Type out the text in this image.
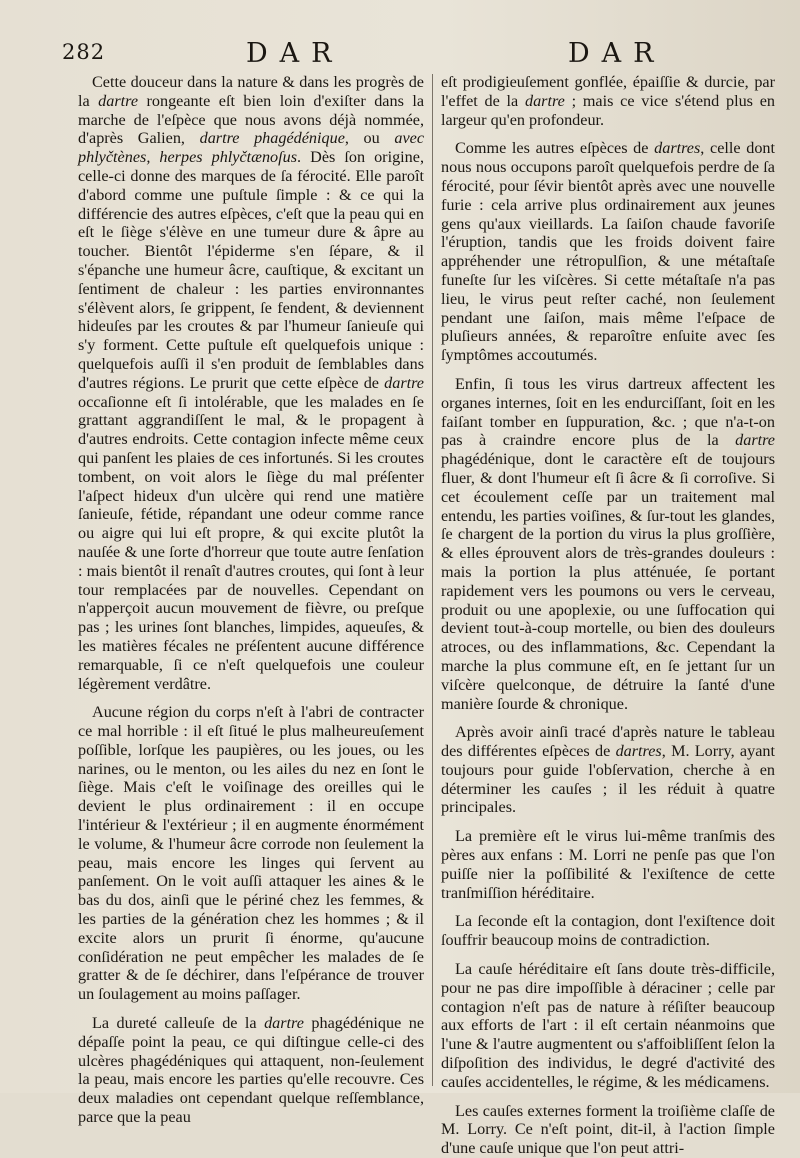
282	DAR	DAR

Cette douceur dans la nature & dans les progrès de la dartre rongeante eſt bien loin d'exiſter dans la marche de l'eſpèce que nous avons déjà nommée, d'après Galien, dartre phagédénique, ou avec phlyčtènes, herpes phlyčtænoſus. Dès ſon origine, celle-ci donne des marques de ſa férocité. Elle paroît d'abord comme une puſtule ſimple : & ce qui la différencie des autres eſpèces, c'eſt que la peau qui en eſt le ſiège s'élève en une tumeur dure & âpre au toucher. Bientôt l'épiderme s'en ſépare, & il s'épanche une humeur âcre, cauſtique, & excitant un ſentiment de chaleur : les parties environnantes s'élèvent alors, ſe grippent, ſe fendent, & deviennent hideuſes par les croutes & par l'humeur ſanieuſe qui s'y forment. Cette puſtule eſt quelquefois unique : quelquefois auſſi il s'en produit de ſemblables dans d'autres régions. Le prurit que cette eſpèce de dartre occaſionne eſt ſi intolérable, que les malades en ſe grattant aggrandiſſent le mal, & le propagent à d'autres endroits. Cette contagion infecte même ceux qui panſent les plaies de ces infortunés. Si les croutes tombent, on voit alors le ſiège du mal préſenter l'aſpect hideux d'un ulcère qui rend une matière ſanieuſe, fétide, répandant une odeur comme rance ou aigre qui lui eſt propre, & qui excite plutôt la nauſée & une ſorte d'horreur que toute autre ſenſation : mais bientôt il renaît d'autres croutes, qui ſont à leur tour remplacées par de nouvelles. Cependant on n'apperçoit aucun mouvement de fièvre, ou preſque pas ; les urines ſont blanches, limpides, aqueuſes, & les matières fécales ne préſentent aucune différence remarquable, ſi ce n'eſt quelquefois une couleur légèrement verdâtre.

Aucune région du corps n'eſt à l'abri de contracter ce mal horrible : il eſt ſitué le plus malheureuſement poſſible, lorſque les paupières, ou les joues, ou les narines, ou le menton, ou les ailes du nez en ſont le ſiège. Mais c'eſt le voiſinage des oreilles qui le devient le plus ordinairement : il en occupe l'intérieur & l'extérieur ; il en augmente énormément le volume, & l'humeur âcre corrode non ſeulement la peau, mais encore les linges qui ſervent au panſement. On le voit auſſi attaquer les aines & le bas du dos, ainſi que le périné chez les femmes, & les parties de la génération chez les hommes ; & il excite alors un prurit ſi énorme, qu'aucune conſidération ne peut empêcher les malades de ſe gratter & de ſe déchirer, dans l'eſpérance de trouver un ſoulagement au moins paſſager.

La dureté calleuſe de la dartre phagédénique ne dépaſſe point la peau, ce qui diſtingue celle-ci des ulcères phagédéniques qui attaquent, non-ſeulement la peau, mais encore les parties qu'elle recouvre. Ces deux maladies ont cependant quelque reſſemblance, parce que la peau

eſt prodigieuſement gonflée, épaiſſie & durcie, par l'effet de la dartre ; mais ce vice s'étend plus en largeur qu'en profondeur.

Comme les autres eſpèces de dartres, celle dont nous nous occupons paroît quelquefois perdre de ſa férocité, pour ſévir bientôt après avec une nouvelle furie : cela arrive plus ordinairement aux jeunes gens qu'aux vieillards. La ſaiſon chaude favoriſe l'éruption, tandis que les froids doivent faire appréhender une rétropulſion, & une métaſtaſe funeſte ſur les viſcères. Si cette métaſtaſe n'a pas lieu, le virus peut reſter caché, non ſeulement pendant une ſaiſon, mais même l'eſpace de pluſieurs années, & reparoître enſuite avec ſes ſymptômes accoutumés.

Enfin, ſi tous les virus dartreux affectent les organes internes, ſoit en les endurciſſant, ſoit en les faiſant tomber en ſuppuration, &c. ; que n'a-t-on pas à craindre encore plus de la dartre phagédénique, dont le caractère eſt de toujours fluer, & dont l'humeur eſt ſi âcre & ſi corroſive. Si cet écoulement ceſſe par un traitement mal entendu, les parties voiſines, & ſur-tout les glandes, ſe chargent de la portion du virus la plus groſſière, & elles éprouvent alors de très-grandes douleurs : mais la portion la plus atténuée, ſe portant rapidement vers les poumons ou vers le cerveau, produit ou une apoplexie, ou une ſuffocation qui devient tout-à-coup mortelle, ou bien des douleurs atroces, ou des inflammations, &c. Cependant la marche la plus commune eſt, en ſe jettant ſur un viſcère quelconque, de détruire la ſanté d'une manière ſourde & chronique.

Après avoir ainſi tracé d'après nature le tableau des différentes eſpèces de dartres, M. Lorry, ayant toujours pour guide l'obſervation, cherche à en déterminer les cauſes ; il les réduit à quatre principales.

La première eſt le virus lui-même tranſmis des pères aux enfans : M. Lorri ne penſe pas que l'on puiſſe nier la poſſibilité & l'exiſtence de cette tranſmiſſion héréditaire.

La ſeconde eſt la contagion, dont l'exiſtence doit ſouffrir beaucoup moins de contradiction.

La cauſe héréditaire eſt ſans doute très-difficile, pour ne pas dire impoſſible à déraciner ; celle par contagion n'eſt pas de nature à réſiſter beaucoup aux efforts de l'art : il eſt certain néanmoins que l'une & l'autre augmentent ou s'affoibliſſent ſelon la diſpoſition des individus, le degré d'activité des cauſes accidentelles, le régime, & les médicamens.

Les cauſes externes forment la troiſième claſſe de M. Lorry. Ce n'eſt point, dit-il, à l'action ſimple d'une cauſe unique que l'on peut attri-
